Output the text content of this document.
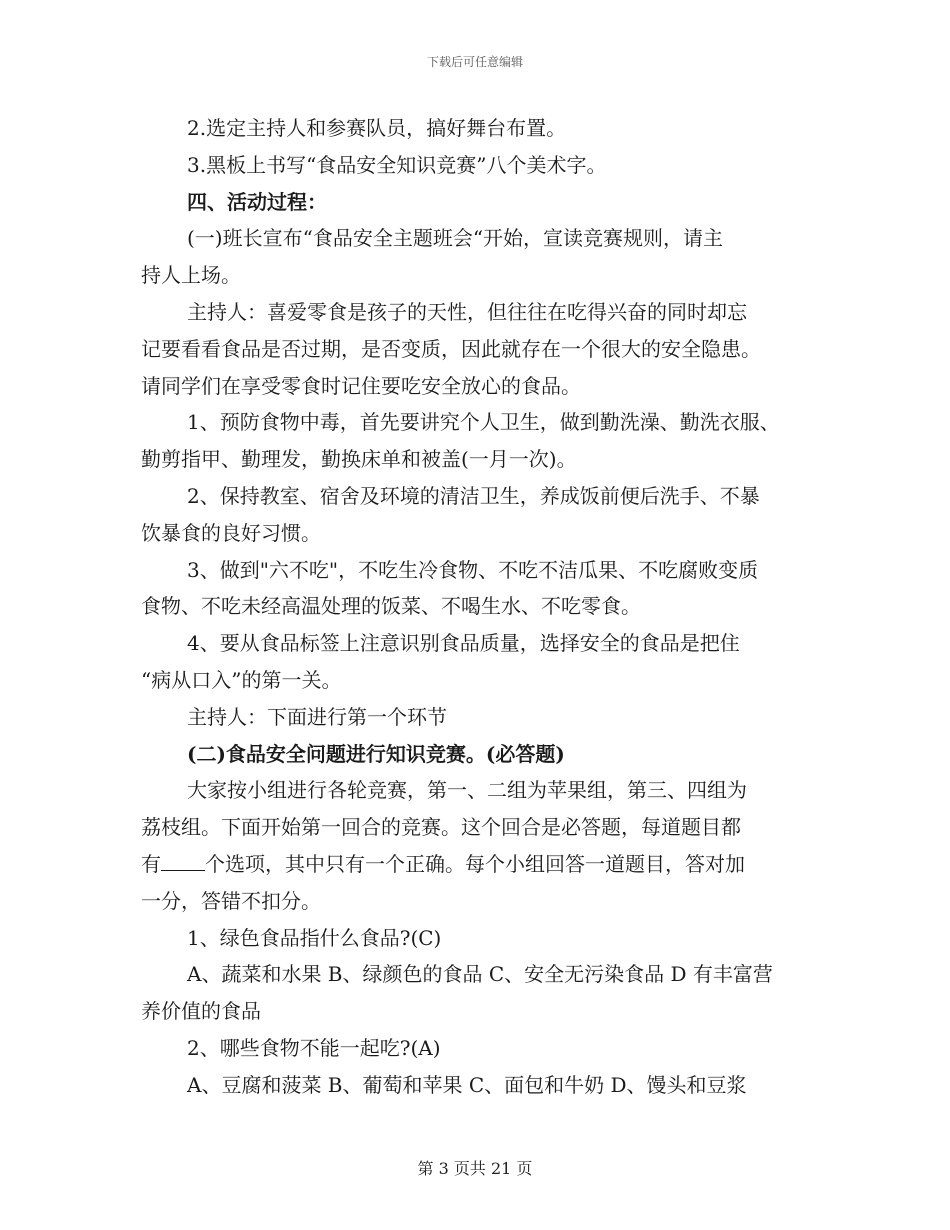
下载后可任意编辑
2.选定主持人和参赛队员，搞好舞台布置。
3.黑板上书写“食品安全知识竞赛”八个美术字。
四、活动过程：
(一)班长宣布“食品安全主题班会“开始，宣读竞赛规则，请主
持人上场。
主持人：喜爱零食是孩子的天性，但往往在吃得兴奋的同时却忘
记要看看食品是否过期，是否变质，因此就存在一个很大的安全隐患。
请同学们在享受零食时记住要吃安全放心的食品。
1、预防食物中毒，首先要讲究个人卫生，做到勤洗澡、勤洗衣服、
勤剪指甲、勤理发，勤换床单和被盖(一月一次)。
2、保持教室、宿舍及环境的清洁卫生，养成饭前便后洗手、不暴
饮暴食的良好习惯。
3、做到"六不吃"，不吃生冷食物、不吃不洁瓜果、不吃腐败变质
食物、不吃未经高温处理的饭菜、不喝生水、不吃零食。
4、要从食品标签上注意识别食品质量，选择安全的食品是把住
“病从口入”的第一关。
主持人：下面进行第一个环节
(二)食品安全问题进行知识竞赛。(必答题)
大家按小组进行各轮竞赛，第一、二组为苹果组，第三、四组为
荔枝组。下面开始第一回合的竞赛。这个回合是必答题，每道题目都
有 个选项，其中只有一个正确。每个小组回答一道题目，答对加
一分，答错不扣分。
1、绿色食品指什么食品?(C)
A、蔬菜和水果 B、绿颜色的食品 C、安全无污染食品 D 有丰富营
养价值的食品
2、哪些食物不能一起吃?(A)
A、豆腐和菠菜 B、葡萄和苹果 C、面包和牛奶 D、馒头和豆浆
第 3 页共 21 页
